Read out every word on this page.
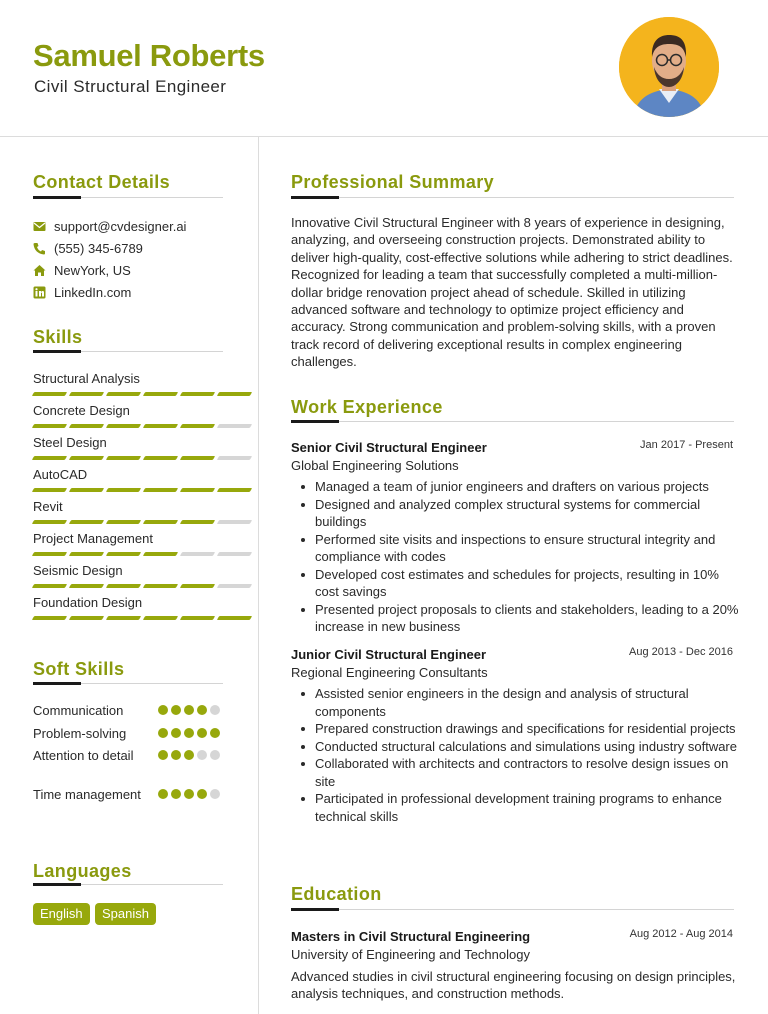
Samuel Roberts
Civil Structural Engineer
Contact Details
support@cvdesigner.ai
(555) 345-6789
NewYork, US
LinkedIn.com
Skills
Structural Analysis
Concrete Design
Steel Design
AutoCAD
Revit
Project Management
Seismic Design
Foundation Design
Soft Skills
Communication
Problem-solving
Attention to detail
Time management
Languages
English	Spanish
Professional Summary
Innovative Civil Structural Engineer with 8 years of experience in designing, analyzing, and overseeing construction projects. Demonstrated ability to deliver high-quality, cost-effective solutions while adhering to strict deadlines. Recognized for leading a team that successfully completed a multi-million-dollar bridge renovation project ahead of schedule. Skilled in utilizing advanced software and technology to optimize project efficiency and accuracy. Strong communication and problem-solving skills, with a proven track record of delivering exceptional results in complex engineering challenges.
Work Experience
Senior Civil Structural Engineer	Jan 2017 - Present
Global Engineering Solutions
Managed a team of junior engineers and drafters on various projects
Designed and analyzed complex structural systems for commercial buildings
Performed site visits and inspections to ensure structural integrity and compliance with codes
Developed cost estimates and schedules for projects, resulting in 10% cost savings
Presented project proposals to clients and stakeholders, leading to a 20% increase in new business
Junior Civil Structural Engineer	Aug 2013 - Dec 2016
Regional Engineering Consultants
Assisted senior engineers in the design and analysis of structural components
Prepared construction drawings and specifications for residential projects
Conducted structural calculations and simulations using industry software
Collaborated with architects and contractors to resolve design issues on site
Participated in professional development training programs to enhance technical skills
Education
Masters in Civil Structural Engineering	Aug 2012 - Aug 2014
University of Engineering and Technology
Advanced studies in civil structural engineering focusing on design principles, analysis techniques, and construction methods.
